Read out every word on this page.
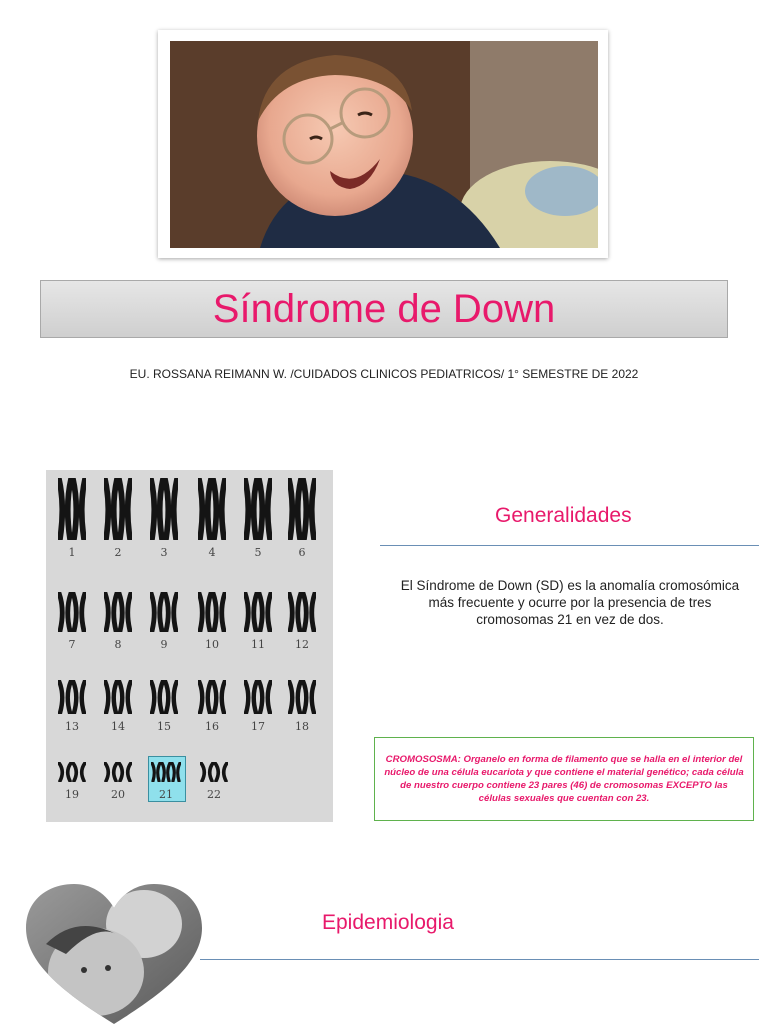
Síndrome de Down
EU. ROSSANA REIMANN W. /CUIDADOS CLINICOS PEDIATRICOS/ 1° SEMESTRE DE 2022
1	2	3	4	5	6
7	8	9	10	11	12
13	14	15	16	17	18
19	20	21	22
Generalidades
El Síndrome de Down (SD) es la anomalía cromosómica más frecuente y ocurre por la presencia de tres cromosomas 21 en vez de dos.
CROMOSOSMA: Organelo en forma de filamento que se halla en el interior del núcleo de una célula eucariota y que contiene el material genético; cada célula de nuestro cuerpo contiene 23 pares (46) de cromosomas EXCEPTO las células sexuales que cuentan con 23.
Epidemiologia
